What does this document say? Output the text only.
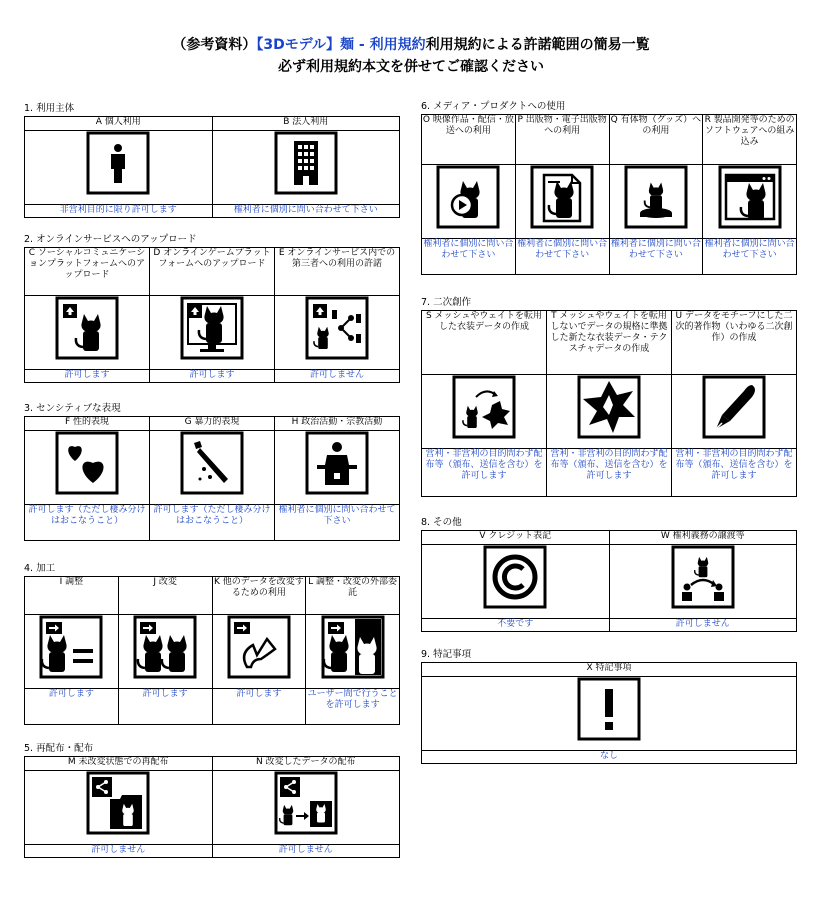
（参考資料）【3Dモデル】麺 - 利用規約利用規約による許諾範囲の簡易一覧
必ず利用規約本文を併せてご確認ください
1. 利用主体
A 個人利用	B 法人利用

非営利目的に限り許可します	権利者に個別に問い合わせて下さい
2. オンラインサービスへのアップロード
C ソーシャルコミュニケーションプラットフォームへのアップロード	D オンラインゲームプラットフォームへのアップロード	E オンラインサービス内での第三者への利用の許諾

許可します	許可します	許可しません
3. センシティブな表現
F 性的表現	G 暴力的表現	H 政治活動・宗教活動

許可します（ただし棲み分けはおこなうこと）	許可します（ただし棲み分けはおこなうこと）	権利者に個別に問い合わせて下さい
4. 加工
I 調整	J 改変	K 他のデータを改変するための利用	L 調整・改変の外部委託

許可します	許可します	許可します	ユーザー間で行うことを許可します
5. 再配布・配布
M 未改変状態での再配布	N 改変したデータの配布

許可しません	許可しません
6. メディア・プロダクトへの使用
O 映像作品・配信・放送への利用	P 出版物・電子出版物への利用	Q 有体物（グッズ）への利用	R 製品開発等のためのソフトウェアへの組み込み

権利者に個別に問い合わせて下さい	権利者に個別に問い合わせて下さい	権利者に個別に問い合わせて下さい	権利者に個別に問い合わせて下さい
7. 二次創作
S メッシュやウェイトを転用した衣装データの作成	T メッシュやウェイトを転用しないでデータの規格に準拠した新たな衣装データ・テクスチャデータの作成	U データをモチーフにした二次的著作物（いわゆる二次創作）の作成

営利・非営利の目的問わず配布等（頒布、送信を含む）を許可します	営利・非営利の目的問わず配布等（頒布、送信を含む）を許可します	営利・非営利の目的問わず配布等（頒布、送信を含む）を許可します
8. その他
V クレジット表記	W 権利義務の譲渡等

不要です	許可しません
9. 特記事項
X 特記事項

なし
